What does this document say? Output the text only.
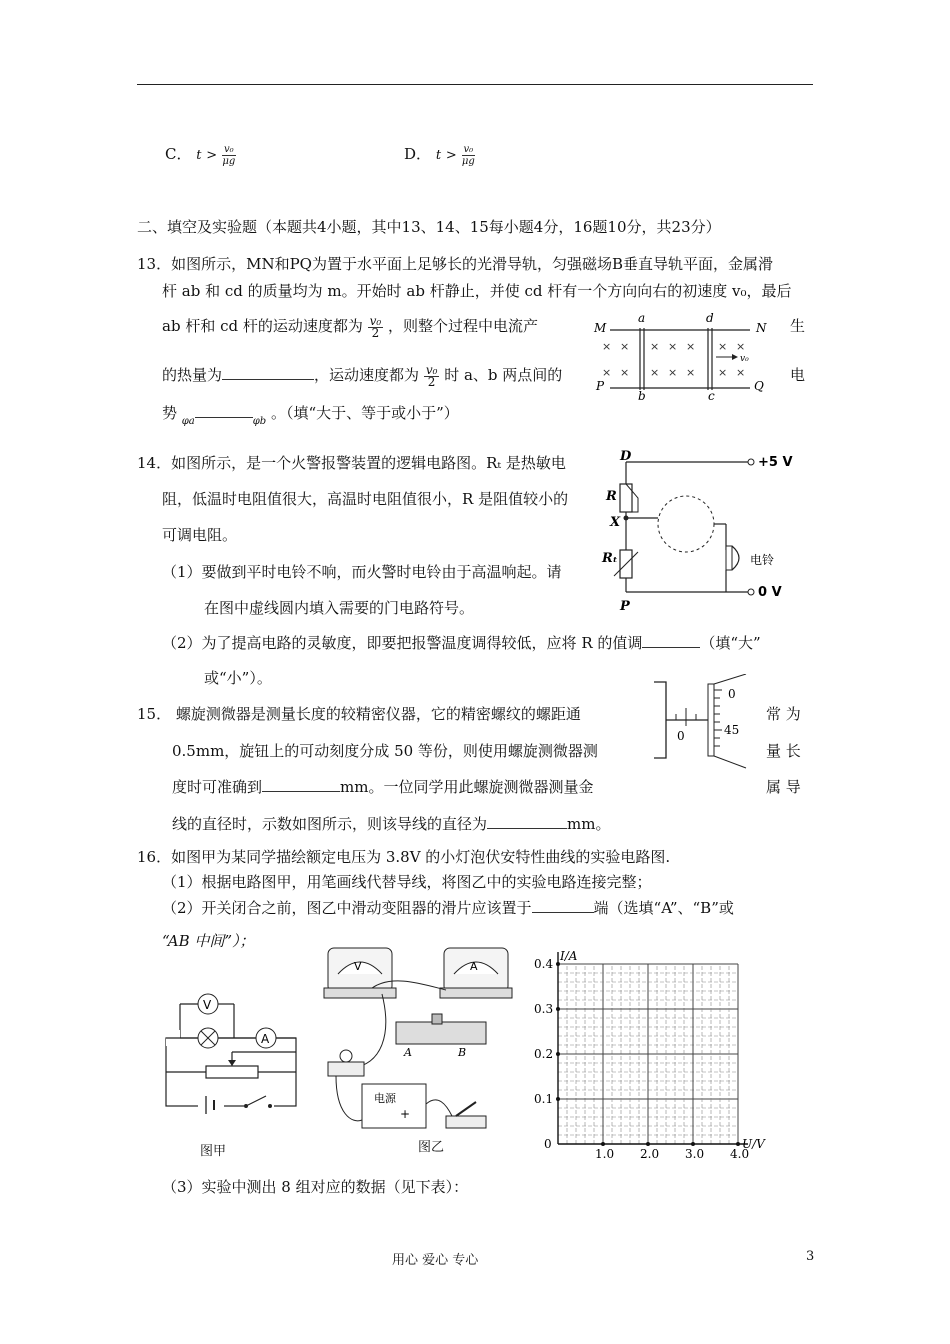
C． $t > \frac{\text{v₀}}{\mu g}$	D． $t > \frac{\text{v₀}}{\mu g}$
二、填空及实验题（本题共4小题，其中13、14、15每小题4分，16题10分，共23分）
13．如图所示，MN和PQ为置于水平面上足够长的光滑导轨，匀强磁场B垂直导轨平面，金属滑
杆 ab 和 cd 的质量均为 m。开始时 ab 杆静止，并使 cd 杆有一个方向向右的初速度 v₀，最后
ab 杆和 cd 杆的运动速度都为 $\frac{\text{v₀}}{2}$ ，则整个过程中电流产	生
的热量为	，运动速度都为 $\frac{\text{v₀}}{2}$ 时 a、b 两点间的	电
势 $_{\varphi a}$	$_{\varphi b}$ 。（填“大于、等于或小于”）
× × × × × × ×
× × × × × × ×
v₀
M	N
P	Q
a	d
b	c
14．如图所示，是一个火警报警装置的逻辑电路图。Rₜ 是热敏电
阻，低温时电阻值很大，高温时电阻值很小，R 是阻值较小的
可调电阻。
（1）要做到平时电铃不响，而火警时电铃由于高温响起。请
在图中虚线圆内填入需要的门电路符号。
（2）为了提高电路的灵敏度，即要把报警温度调得较低，应将 R 的值调	（填“大”
或“小”）。
D	+5 V
R
X
电铃
Rₜ
0 V
P
15． 螺旋测微器是测量长度的较精密仪器，它的精密螺纹的螺距通	常 为
0.5mm，旋钮上的可动刻度分成 50 等份，则使用螺旋测微器测	量 长
度时可准确到	mm。一位同学用此螺旋测微器测量金	属 导
线的直径时，示数如图所示，则该导线的直径为	mm。
0
0
45
16．如图甲为某同学描绘额定电压为 3.8V 的小灯泡伏安特性曲线的实验电路图.
（1）根据电路图甲，用笔画线代替导线，将图乙中的实验电路连接完整；
（2）开关闭合之前，图乙中滑动变阻器的滑片应该置于	端（选填“A”、“B”或
“AB 中间”）；
V
A
图甲
V	A
A	B
电源
+
图乙	U/V
I/A
0
1.0 2.0 3.0 4.0
0.1
0.2
0.3
0.4
（3）实验中测出 8 组对应的数据（见下表）：
用心 爱心 专心	3
